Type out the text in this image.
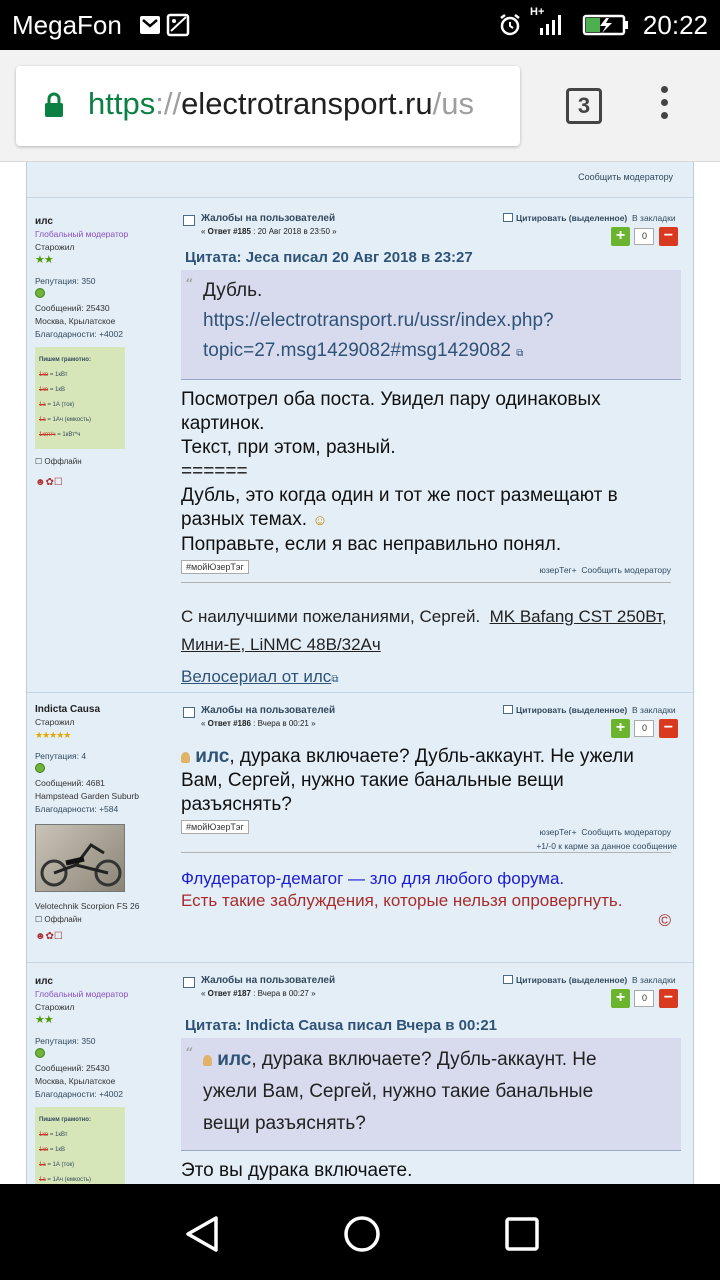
MegaFon	H+	20:22
https://electrotransport.ru/us	3
Сообщить модератору
илс
Глобальный модератор
Старожил
★★
Репутация: 350
Сообщений: 25430
Москва, Крылатское
Благодарности: +4002
Пишем грамотно:
1кв = 1кВт
1кв = 1кВ
1а = 1А (ток)
1а = 1Ач (емкость)
1квт/ч = 1кВт*ч
☐ Оффлайн
☻✿☐
Жалобы на пользователей
« Ответ #185 : 20 Авг 2018 в 23:50 »
Цитировать (выделенное) В закладки
+ 0 −
Цитата: Jeca писал 20 Авг 2018 в 23:27
“ Дубль.
https://electrotransport.ru/ussr/index.php?
topic=27.msg1429082#msg1429082 ⧉
Посмотрел оба поста. Увидел пару одинаковых
картинок.
Текст, при этом, разный.
======
Дубль, это когда один и тот же пост размещают в
разных темах. ☺
Поправьте, если я вас неправильно понял.
#мойЮзерТэг	юзерТег+ Сообщить модератору
С наилучшими пожеланиями, Сергей. MK Bafang CST 250Вт,
Мини-Е, LiNMC 48В/32Ач
Велосериал от илс⧉
Indicta Causa
Старожил
★★★★★
Репутация: 4
Сообщений: 4681
Hampstead Garden Suburb
Благодарности: +584
Velotechnik Scorpion FS 26
☐ Оффлайн
☻✿☐
Жалобы на пользователей
« Ответ #186 : Вчера в 00:21 »
Цитировать (выделенное) В закладки
+ 0 −
илс, дурака включаете? Дубль-аккаунт. Не ужели
Вам, Сергей, нужно такие банальные вещи
разъяснять?
#мойЮзерТэг	юзерТег+ Сообщить модератору
+1/-0 к карме за данное сообщение
Флудератор-демагог — зло для любого форума.
Есть такие заблуждения, которые нельзя опровергнуть.
©
илс
Глобальный модератор
Старожил
★★
Репутация: 350
Сообщений: 25430
Москва, Крылатское
Благодарности: +4002
Пишем грамотно:
1кв = 1кВт
1кв = 1кВ
1а = 1А (ток)
1а = 1Ач (емкость)
Жалобы на пользователей
« Ответ #187 : Вчера в 00:27 »
Цитировать (выделенное) В закладки
+ 0 −
Цитата: Indicta Causa писал Вчера в 00:21
“	илс, дурака включаете? Дубль-аккаунт. Не
ужели Вам, Сергей, нужно такие банальные
вещи разъяснять?
Это вы дурака включаете.
